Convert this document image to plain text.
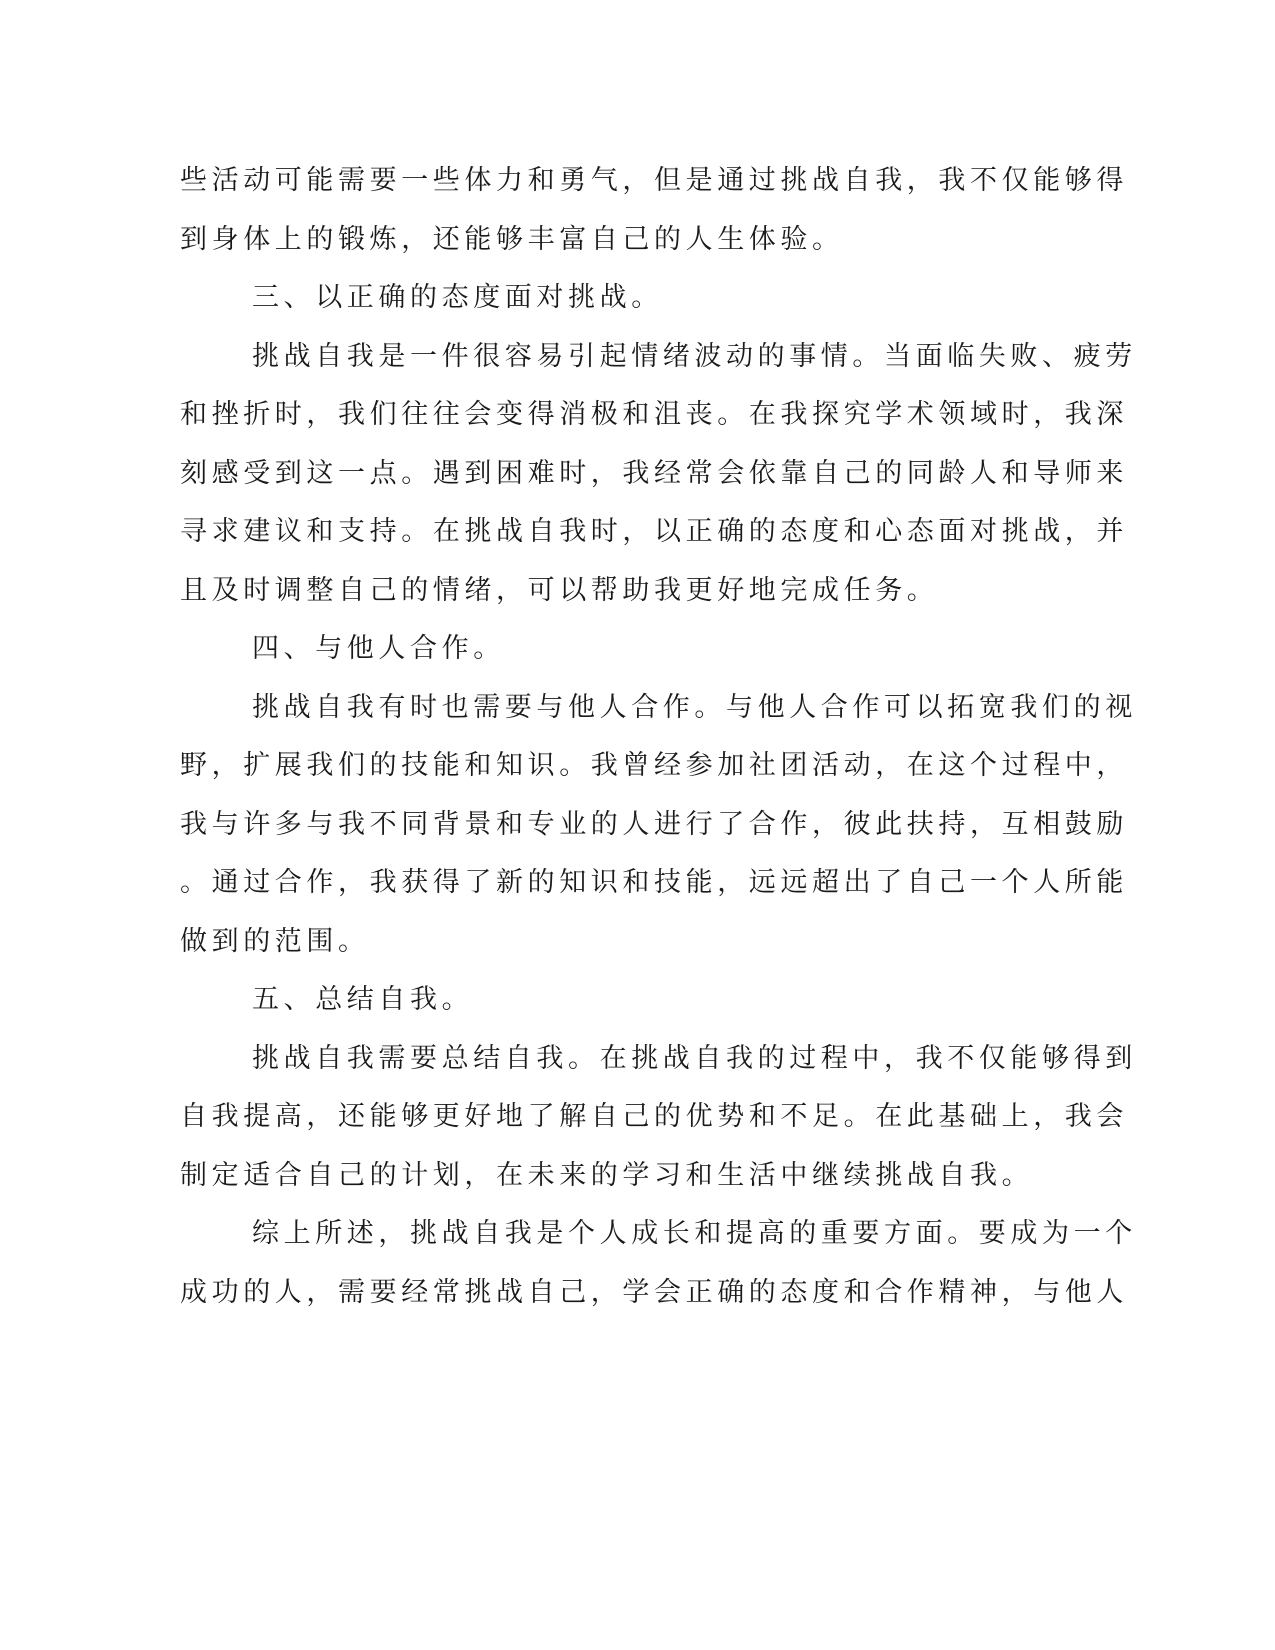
些活动可能需要一些体力和勇气，但是通过挑战自我，我不仅能够得

到身体上的锻炼，还能够丰富自己的人生体验。

三、以正确的态度面对挑战。

挑战自我是一件很容易引起情绪波动的事情。当面临失败、疲劳

和挫折时，我们往往会变得消极和沮丧。在我探究学术领域时，我深

刻感受到这一点。遇到困难时，我经常会依靠自己的同龄人和导师来

寻求建议和支持。在挑战自我时，以正确的态度和心态面对挑战，并

且及时调整自己的情绪，可以帮助我更好地完成任务。

四、与他人合作。

挑战自我有时也需要与他人合作。与他人合作可以拓宽我们的视

野，扩展我们的技能和知识。我曾经参加社团活动，在这个过程中，

我与许多与我不同背景和专业的人进行了合作，彼此扶持，互相鼓励

。通过合作，我获得了新的知识和技能，远远超出了自己一个人所能

做到的范围。

五、总结自我。

挑战自我需要总结自我。在挑战自我的过程中，我不仅能够得到

自我提高，还能够更好地了解自己的优势和不足。在此基础上，我会

制定适合自己的计划，在未来的学习和生活中继续挑战自我。

综上所述，挑战自我是个人成长和提高的重要方面。要成为一个

成功的人，需要经常挑战自己，学会正确的态度和合作精神，与他人
